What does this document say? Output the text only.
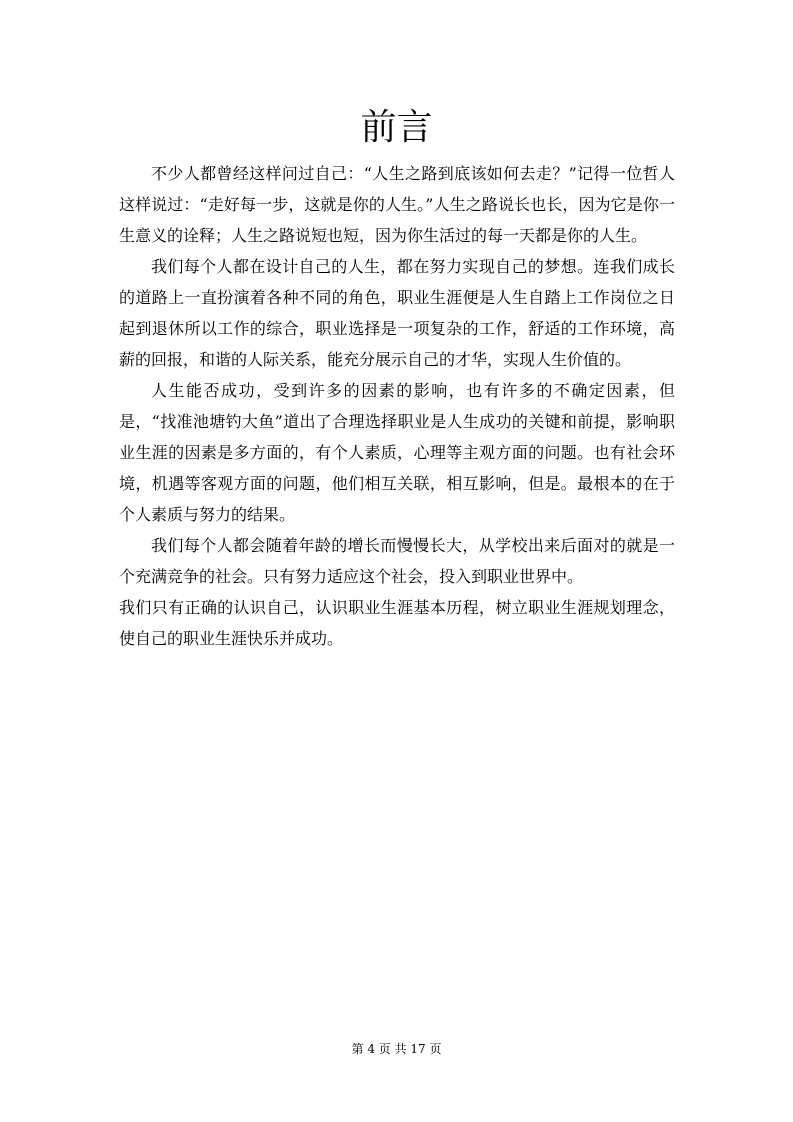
前言

不少人都曾经这样问过自己：“人生之路到底该如何去走？”记得一位哲人这样说过：“走好每一步，这就是你的人生。”人生之路说长也长，因为它是你一生意义的诠释；人生之路说短也短，因为你生活过的每一天都是你的人生。

我们每个人都在设计自己的人生，都在努力实现自己的梦想。连我们成长的道路上一直扮演着各种不同的角色，职业生涯便是人生自踏上工作岗位之日起到退休所以工作的综合，职业选择是一项复杂的工作，舒适的工作环境，高薪的回报，和谐的人际关系，能充分展示自己的才华，实现人生价值的。

人生能否成功，受到许多的因素的影响，也有许多的不确定因素，但是，“找准池塘钓大鱼”道出了合理选择职业是人生成功的关键和前提，影响职业生涯的因素是多方面的，有个人素质，心理等主观方面的问题。也有社会环境，机遇等客观方面的问题，他们相互关联，相互影响，但是。最根本的在于个人素质与努力的结果。

我们每个人都会随着年龄的增长而慢慢长大，从学校出来后面对的就是一个充满竞争的社会。只有努力适应这个社会，投入到职业世界中。

我们只有正确的认识自己，认识职业生涯基本历程，树立职业生涯规划理念，使自己的职业生涯快乐并成功。

第 4 页 共 17 页
